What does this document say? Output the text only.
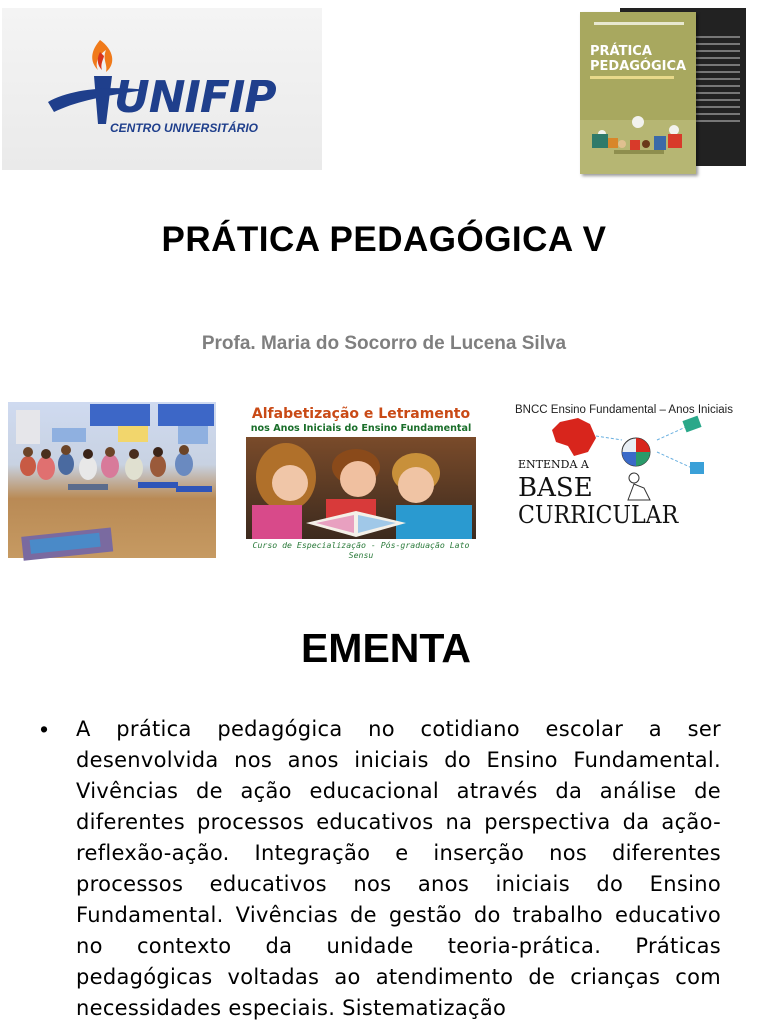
UNIFIP
CENTRO UNIVERSITÁRIO
PRÁTICA
PEDAGÓGICA
PRÁTICA PEDAGÓGICA V
Profa. Maria do Socorro de Lucena Silva
Alfabetização e Letramento
nos Anos Iniciais do Ensino Fundamental
Curso de Especialização - Pós-graduação Lato Sensu
BNCC Ensino Fundamental – Anos Iniciais
ENTENDA A
BASE
CURRICULAR
EMENTA
• A prática pedagógica no cotidiano escolar a ser desenvolvida nos anos iniciais do Ensino Fundamental. Vivências de ação educacional através da análise de diferentes processos educativos na perspectiva da ação-reflexão-ação. Integração e inserção nos diferentes processos educativos nos anos iniciais do Ensino Fundamental. Vivências de gestão do trabalho educativo no contexto da unidade teoria-prática. Práticas pedagógicas voltadas ao atendimento de crianças com necessidades especiais. Sistematização
